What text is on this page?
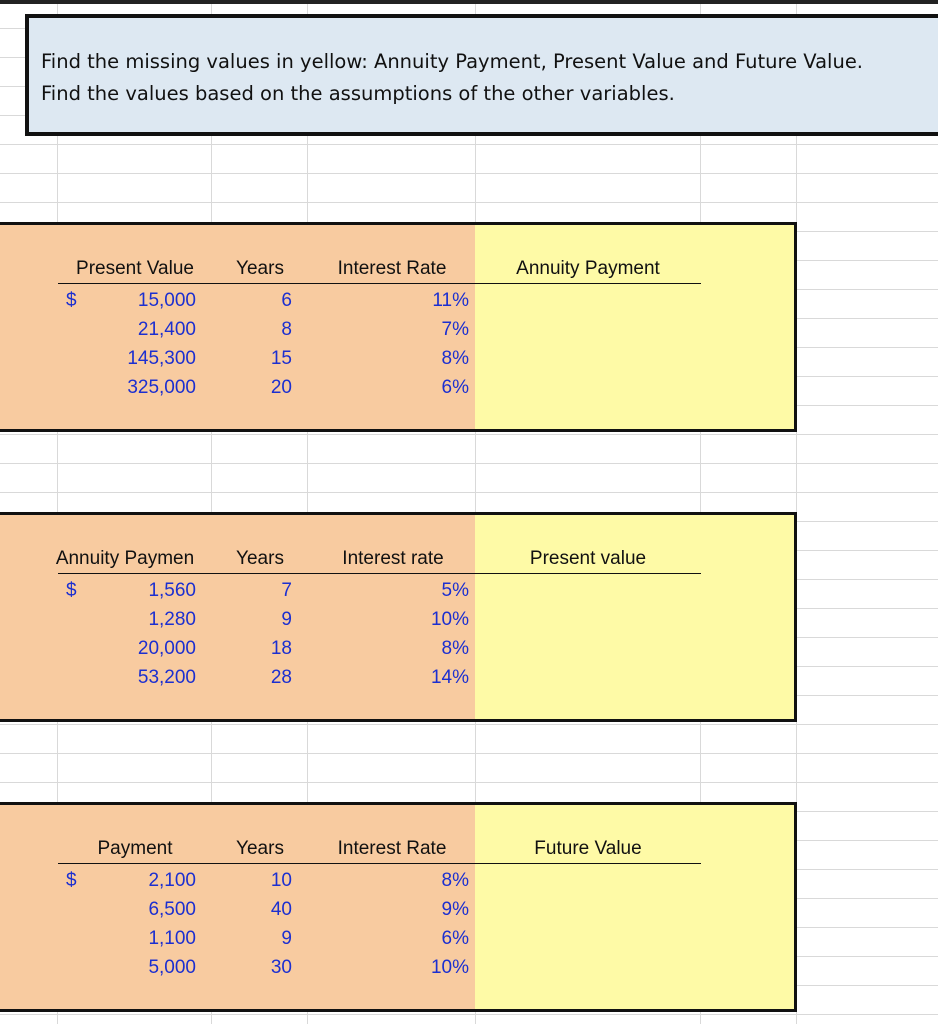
Find the missing values in yellow: Annuity Payment, Present Value and Future Value.
Find the values based on the assumptions of the other variables.
Present Value Years	Interest Rate	Annuity Payment
$	15,000	6	11%
21,400	8	7%
145,300	15	8%
325,000	20	6%
Annuity Paymen Years	Interest rate	Present value
$	1,560	7	5%
1,280	9	10%
20,000	18	8%
53,200	28	14%
Payment	Years	Interest Rate	Future Value
$	2,100	10	8%
6,500	40	9%
1,100	9	6%
5,000	30	10%
